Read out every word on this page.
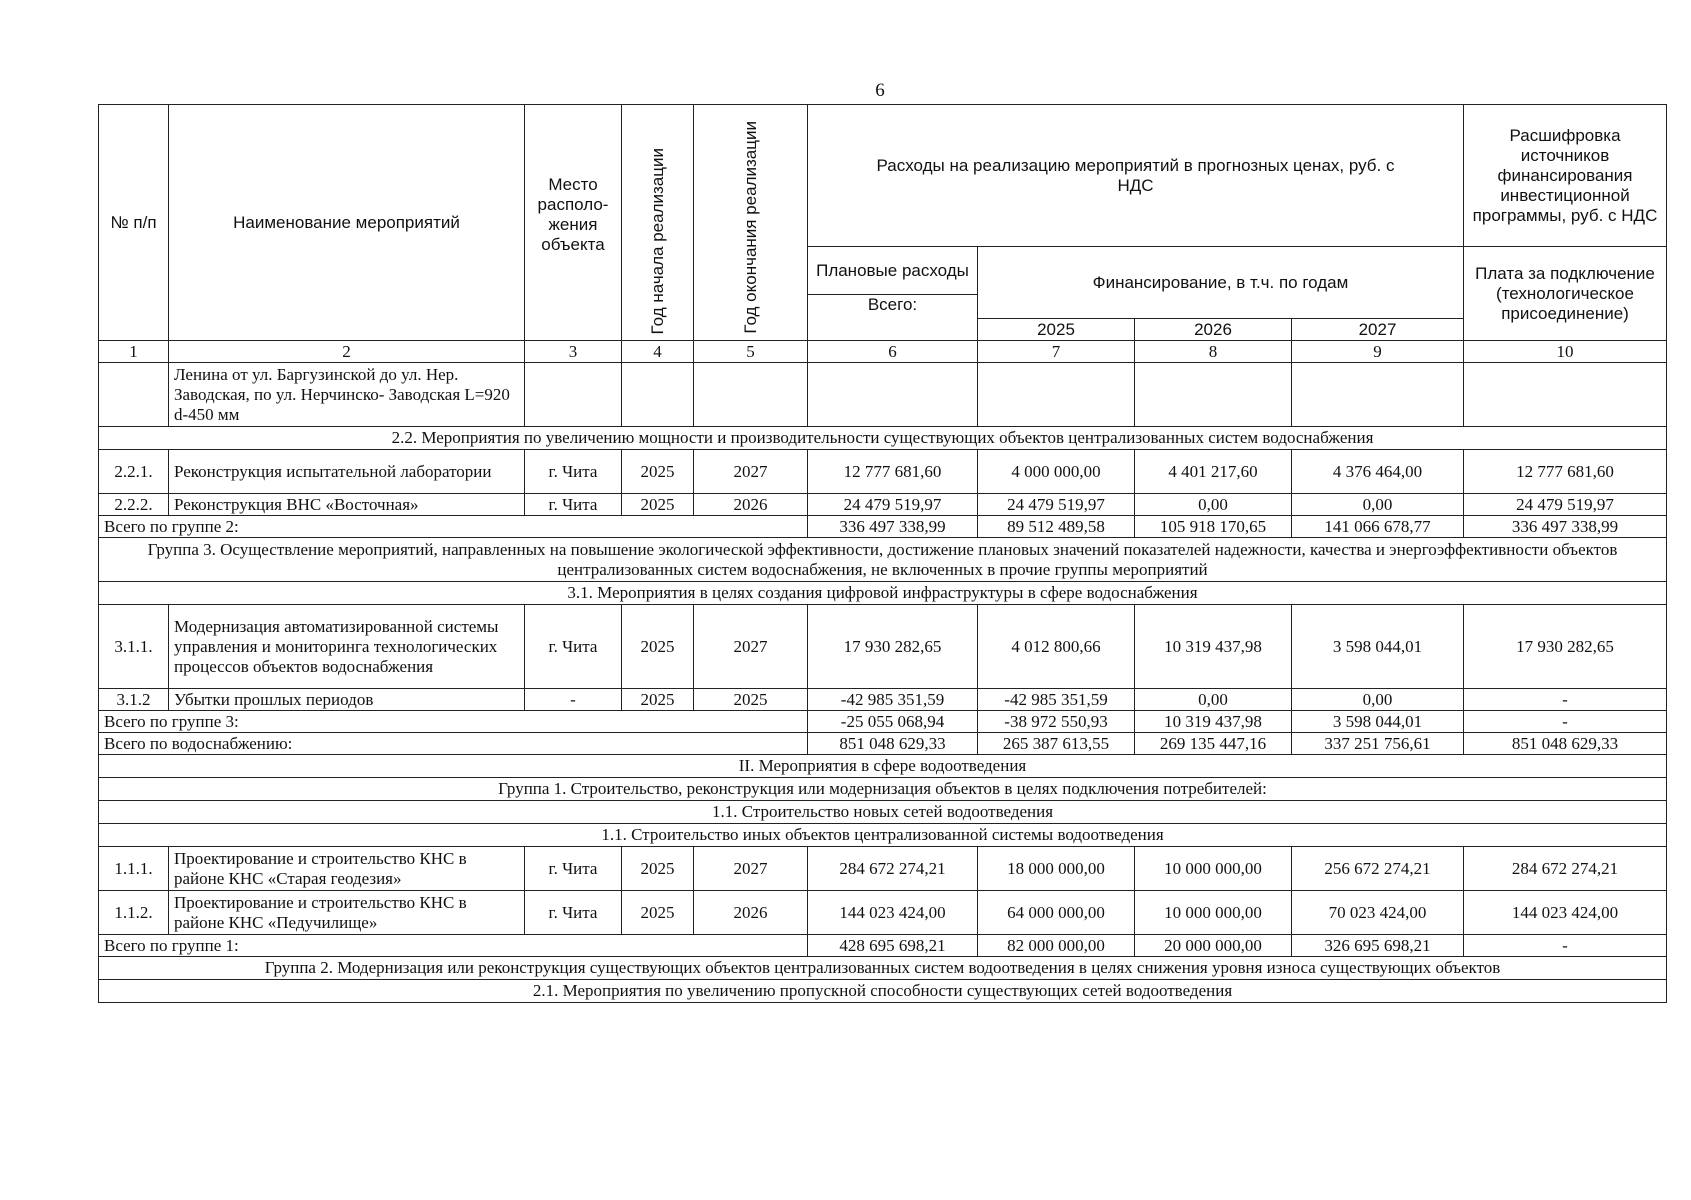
6
№ п/п	Наименование мероприятий	Место располо- жения объекта	Год начала реализации	Год окончания реализации	Расходы на реализацию мероприятий в прогнозных ценах, руб. с НДС				Расшифровка источников финансирования инвестиционной программы, руб. с НДС
					Плановые расходы	Финансирование, в т.ч. по годам			Плата за подключение (технологическое присоединение)
					Всего:				
						2025	2026	2027	
1	2	3	4	5	6	7	8	9	10
	Ленина от ул. Баргузинской до ул. Нер. Заводская, по ул. Нерчинско- Заводская L=920 d-450 мм								
2.2. Мероприятия по увеличению мощности и производительности существующих объектов централизованных систем водоснабжения									
2.2.1.	Реконструкция испытательной лаборатории	г. Чита	2025	2027	12 777 681,60	4 000 000,00	4 401 217,60	4 376 464,00	12 777 681,60
2.2.2.	Реконструкция ВНС «Восточная»	г. Чита	2025	2026	24 479 519,97	24 479 519,97	0,00	0,00	24 479 519,97
Всего по группе 2:					336 497 338,99	89 512 489,58	105 918 170,65	141 066 678,77	336 497 338,99
Группа 3. Осуществление мероприятий, направленных на повышение экологической эффективности, достижение плановых значений показателей надежности, качества и энергоэффективности объектов централизованных систем водоснабжения, не включенных в прочие группы мероприятий									
3.1. Мероприятия в целях создания цифровой инфраструктуры в сфере водоснабжения									
3.1.1.	Модернизация автоматизированной системы управления и мониторинга технологических процессов объектов водоснабжения	г. Чита	2025	2027	17 930 282,65	4 012 800,66	10 319 437,98	3 598 044,01	17 930 282,65
3.1.2	Убытки прошлых периодов	-	2025	2025	-42 985 351,59	-42 985 351,59	0,00	0,00	-
Всего по группе 3:					-25 055 068,94	-38 972 550,93	10 319 437,98	3 598 044,01	-
Всего по водоснабжению:					851 048 629,33	265 387 613,55	269 135 447,16	337 251 756,61	851 048 629,33
II. Мероприятия в сфере водоотведения									
Группа 1. Строительство, реконструкция или модернизация объектов в целях подключения потребителей:									
1.1. Строительство новых сетей водоотведения									
1.1. Строительство иных объектов централизованной системы водоотведения									
1.1.1.	Проектирование и строительство КНС в районе КНС «Старая геодезия»	г. Чита	2025	2027	284 672 274,21	18 000 000,00	10 000 000,00	256 672 274,21	284 672 274,21
1.1.2.	Проектирование и строительство КНС в районе КНС «Педучилище»	г. Чита	2025	2026	144 023 424,00	64 000 000,00	10 000 000,00	70 023 424,00	144 023 424,00
Всего по группе 1:					428 695 698,21	82 000 000,00	20 000 000,00	326 695 698,21	-
Группа 2. Модернизация или реконструкция существующих объектов централизованных систем водоотведения в целях снижения уровня износа существующих объектов									
2.1. Мероприятия по увеличению пропускной способности существующих сетей водоотведения									
